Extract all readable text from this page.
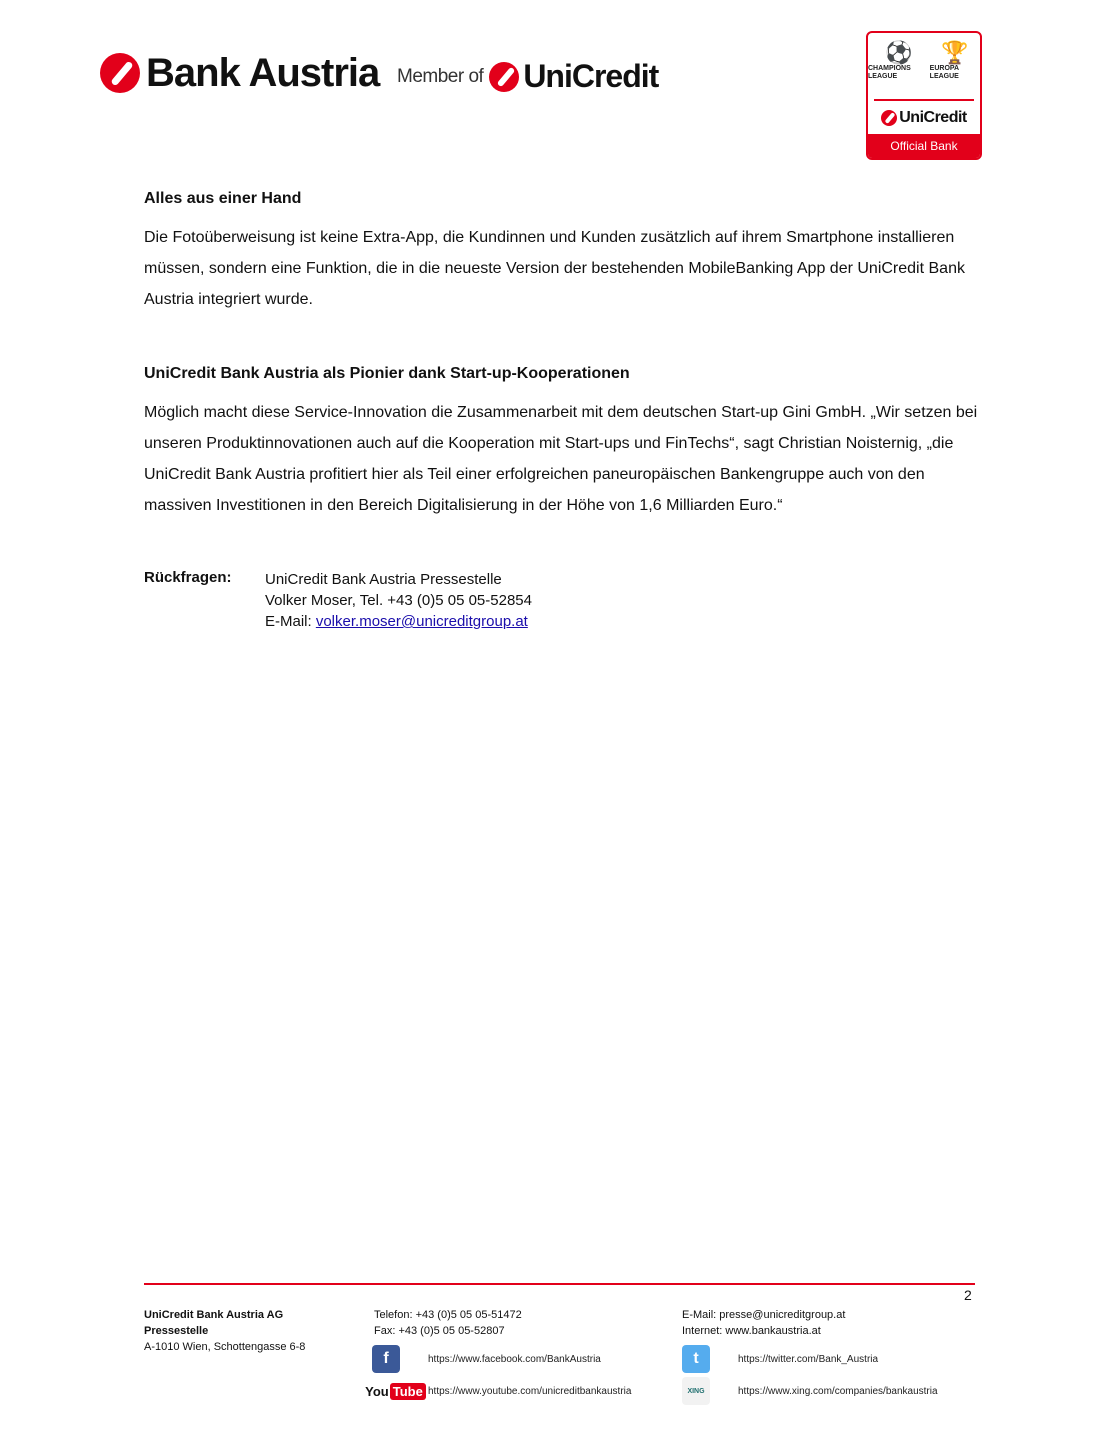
Bank Austria Member of UniCredit
⚽
CHAMPIONS LEAGUE
🏆
EUROPA LEAGUE
UniCredit
Official Bank
Alles aus einer Hand
Die Fotoüberweisung ist keine Extra-App, die Kundinnen und Kunden zusätzlich auf ihrem Smartphone installieren müssen, sondern eine Funktion, die in die neueste Version der bestehenden MobileBanking App der UniCredit Bank Austria integriert wurde.
UniCredit Bank Austria als Pionier dank Start-up-Kooperationen
Möglich macht diese Service-Innovation die Zusammenarbeit mit dem deutschen Start-up Gini GmbH. „Wir setzen bei unseren Produktinnovationen auch auf die Kooperation mit Start-ups und FinTechs“, sagt Christian Noisternig, „die UniCredit Bank Austria profitiert hier als Teil einer erfolgreichen paneuropäischen Bankengruppe auch von den massiven Investitionen in den Bereich Digitalisierung in der Höhe von 1,6 Milliarden Euro.“
Rückfragen: UniCredit Bank Austria Pressestelle
Volker Moser, Tel. +43 (0)5 05 05-52854
E-Mail: volker.moser@unicreditgroup.at
2
UniCredit Bank Austria AG
Pressestelle
A-1010 Wien, Schottengasse 6-8
Telefon: +43 (0)5 05 05-51472
Fax: +43 (0)5 05 05-52807
E-Mail: presse@unicreditgroup.at
Internet: www.bankaustria.at
f	https://www.facebook.com/BankAustria
You Tube https://www.youtube.com/unicreditbankaustria
t	https://twitter.com/Bank_Austria
XING	https://www.xing.com/companies/bankaustria
